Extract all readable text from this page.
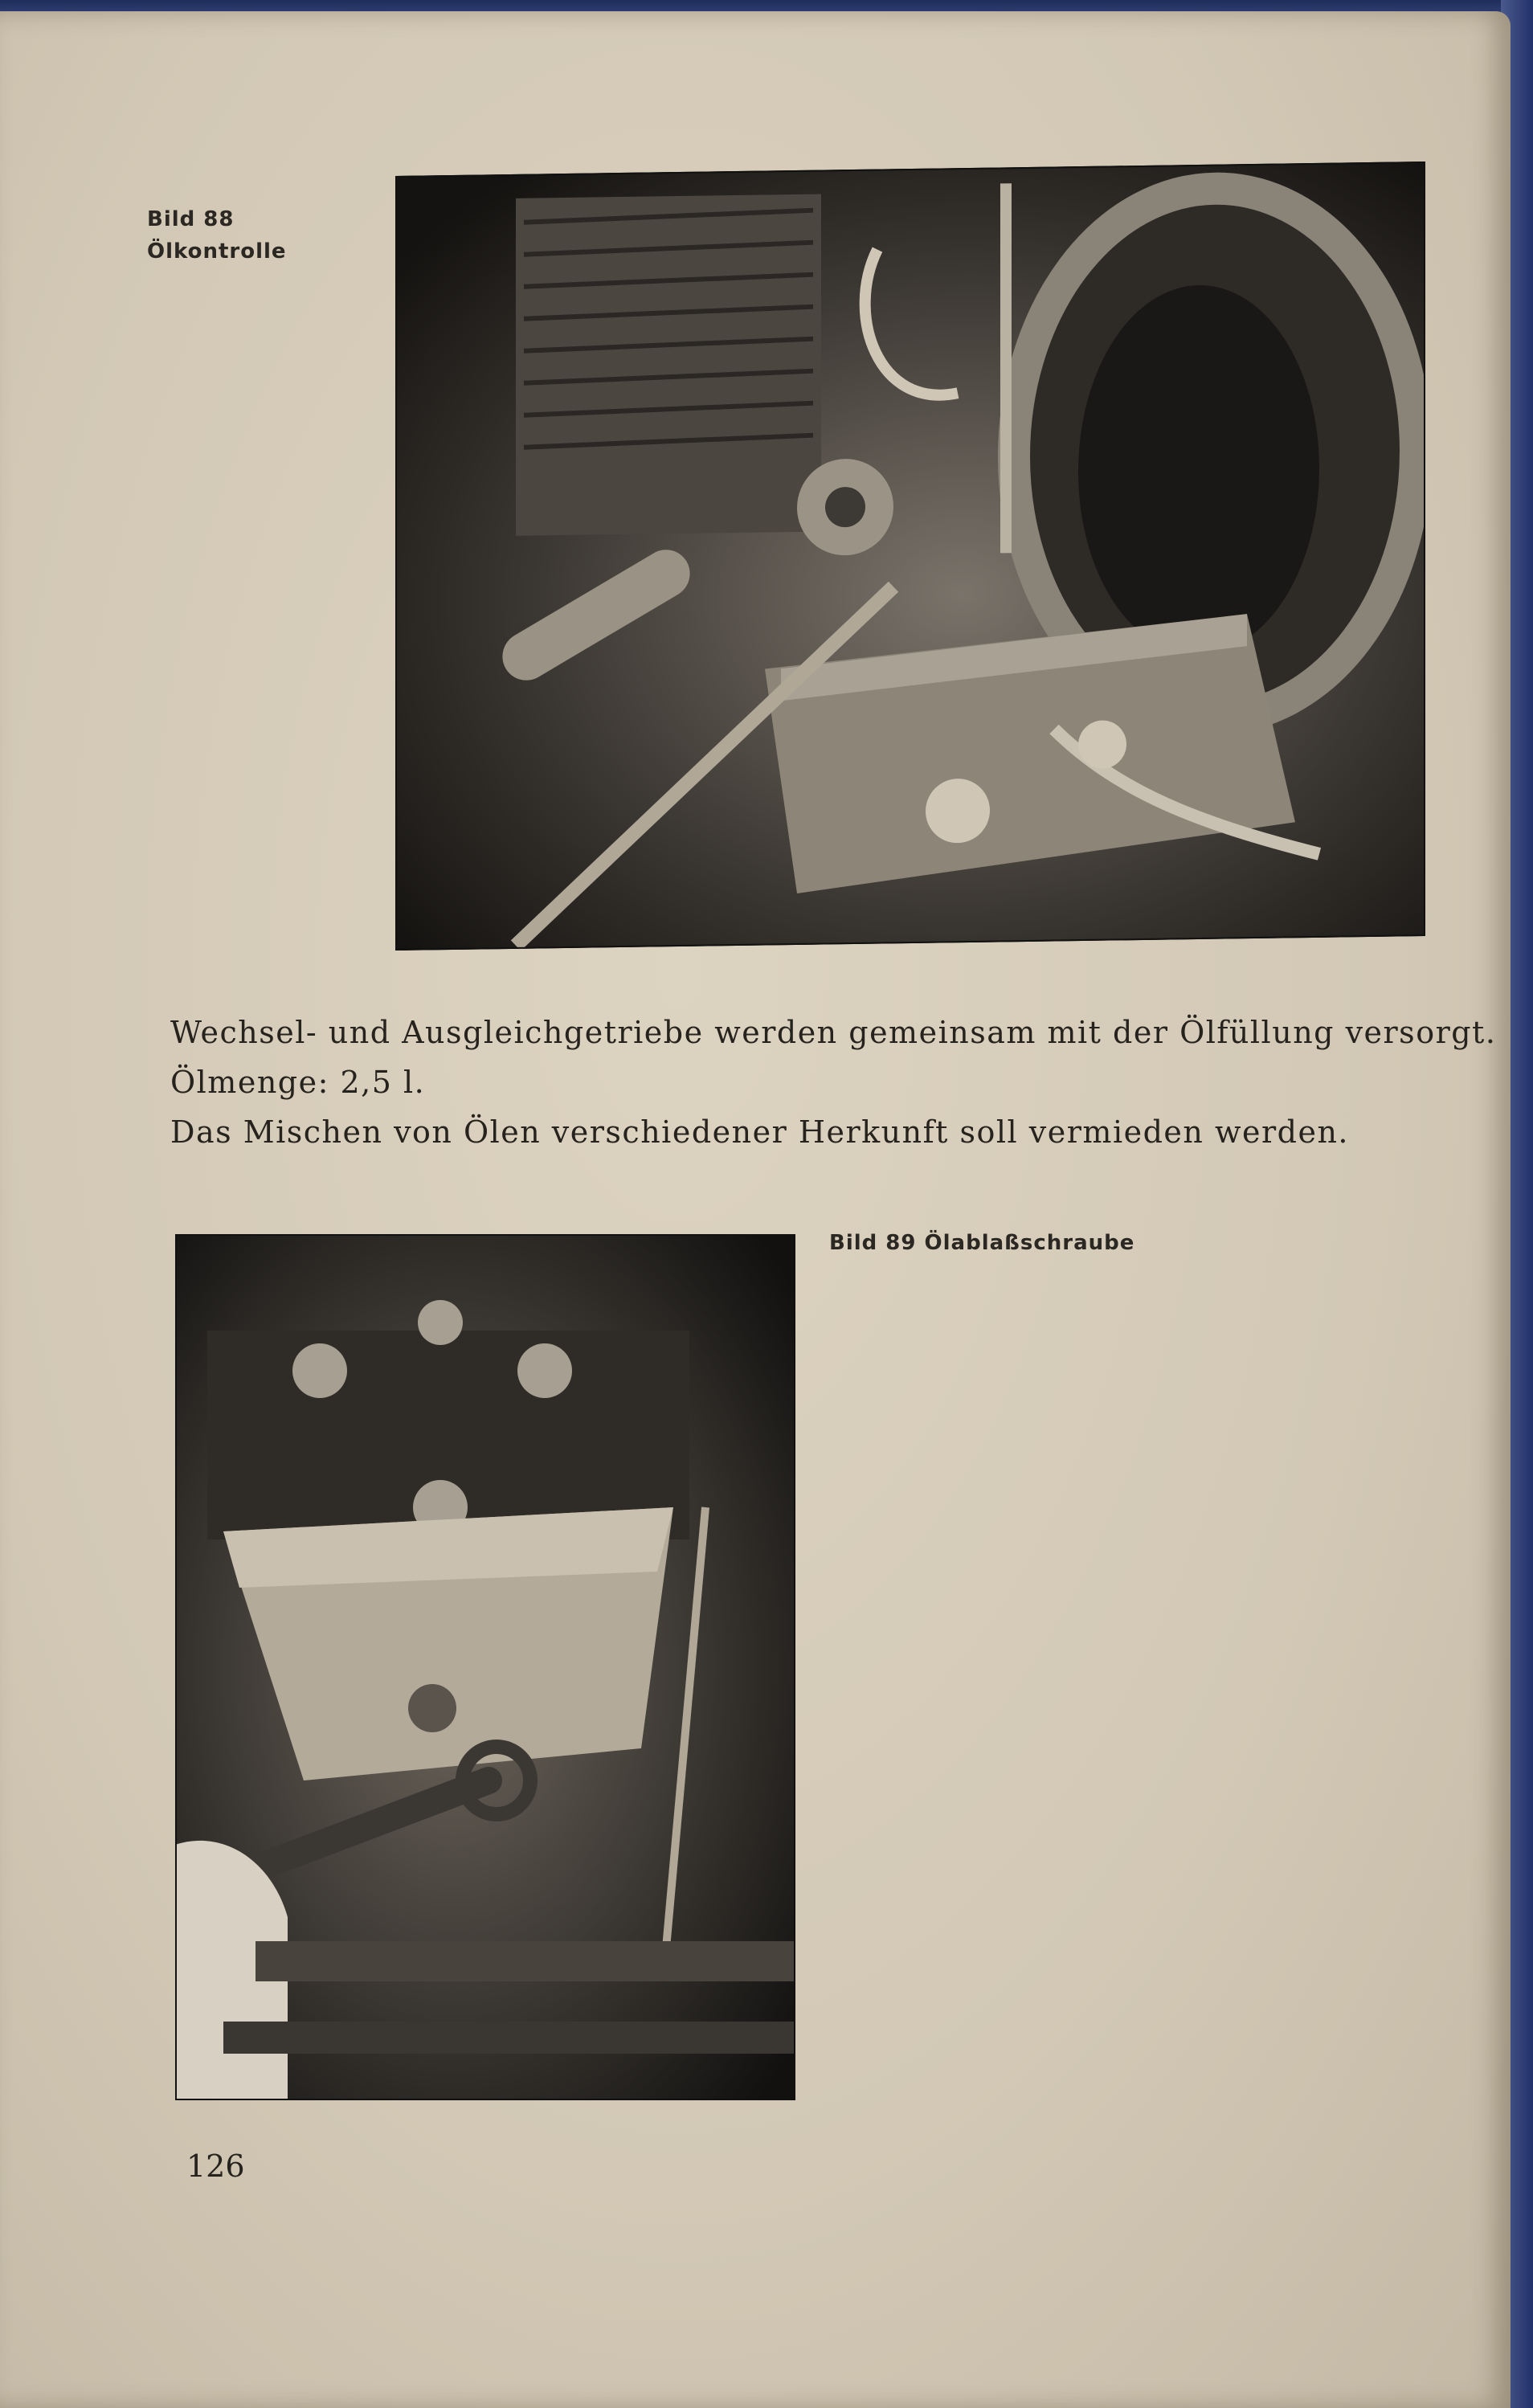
Bild 88
Ölkontrolle

Wechsel- und Ausgleichgetriebe werden gemeinsam mit der Ölfüllung versorgt.

Ölmenge: 2,5 l.

Das Mischen von Ölen verschiedener Herkunft soll vermieden werden.

Bild 89 Ölablaßschraube
126
